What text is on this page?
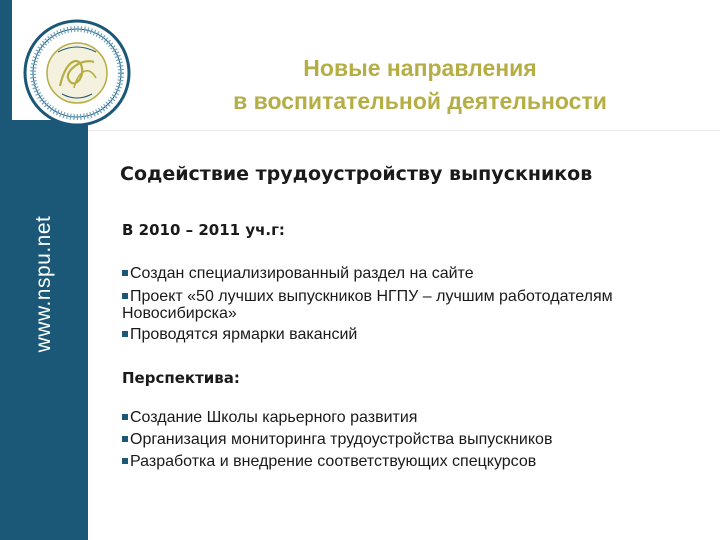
www.nspu.net
Новые направления
в воспитательной деятельности
Содействие трудоустройству выпускников
В 2010 – 2011 уч.г:
Создан специализированный раздел на сайте
Проект «50 лучших выпускников НГПУ – лучшим работодателям Новосибирска»
Проводятся ярмарки вакансий
Перспектива:
Создание Школы карьерного развития
Организация мониторинга трудоустройства выпускников
Разработка и внедрение соответствующих спецкурсов
